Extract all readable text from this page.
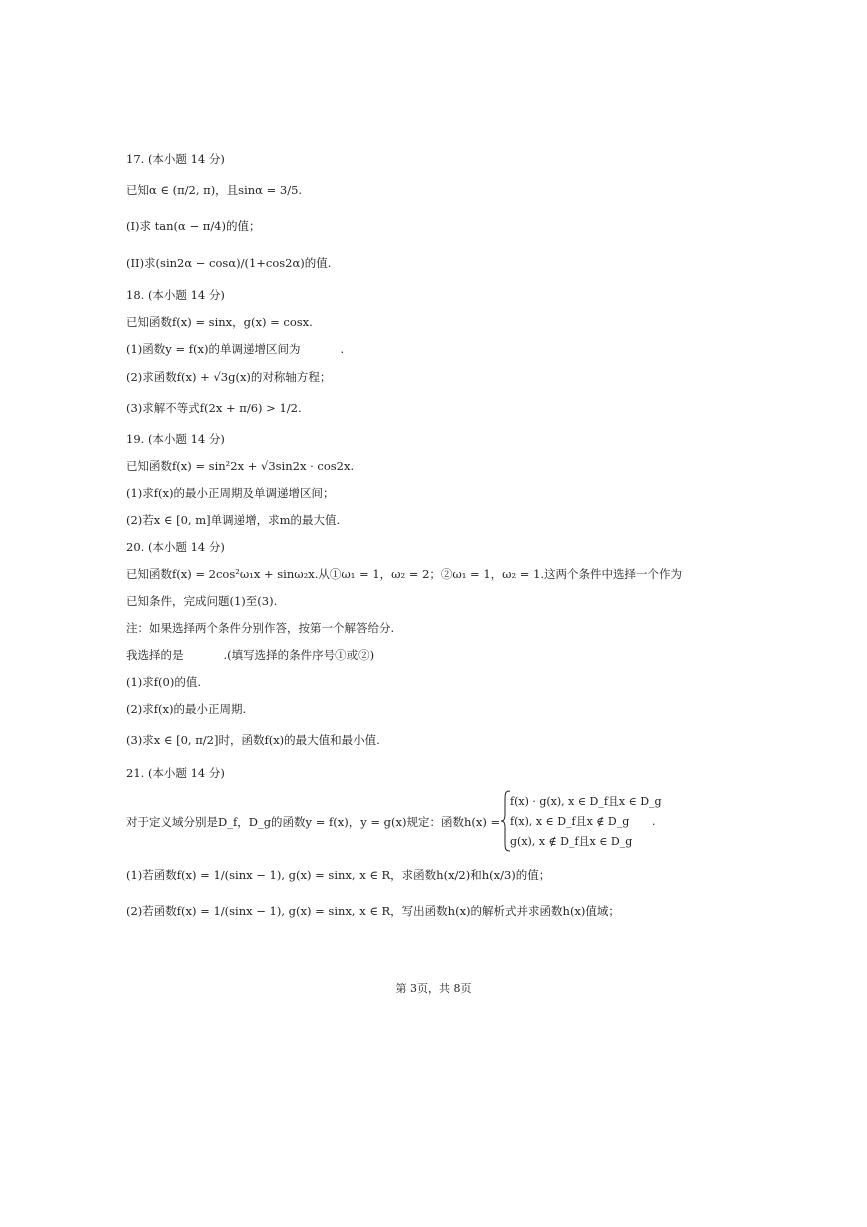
17. (本小题 14 分)
已知α ∈ (π/2, π)，且sinα = 3/5.
(I)求 tan(α − π/4)的值；
(II)求(sin2α − cosα)/(1+cos2α)的值.
18. (本小题 14 分)
已知函数f(x) = sinx，g(x) = cosx.
(1)函数y = f(x)的单调递增区间为	.
(2)求函数f(x) + √3g(x)的对称轴方程；
(3)求解不等式f(2x + π/6) > 1/2.
19. (本小题 14 分)
已知函数f(x) = sin²2x + √3sin2x · cos2x.
(1)求f(x)的最小正周期及单调递增区间；
(2)若x ∈ [0, m]单调递增，求m的最大值.
20. (本小题 14 分)
已知函数f(x) = 2cos²ω₁x + sinω₂x.从①ω₁ = 1，ω₂ = 2；②ω₁ = 1，ω₂ = 1.这两个条件中选择一个作为
已知条件，完成问题(1)至(3).
注：如果选择两个条件分别作答，按第一个解答给分.
我选择的是	.(填写选择的条件序号①或②)
(1)求f(0)的值.
(2)求f(x)的最小正周期.
(3)求x ∈ [0, π/2]时，函数f(x)的最大值和最小值.
21. (本小题 14 分)
对于定义域分别是D_f，D_g的函数y = f(x)，y = g(x)规定：函数h(x) =
f(x) · g(x), x ∈ D_f且x ∈ D_g
f(x), x ∈ D_f且x ∉ D_g
g(x), x ∉ D_f且x ∈ D_g
.
(1)若函数f(x) = 1/(sinx − 1), g(x) = sinx, x ∈ R，求函数h(x/2)和h(x/3)的值；
(2)若函数f(x) = 1/(sinx − 1), g(x) = sinx, x ∈ R，写出函数h(x)的解析式并求函数h(x)值域；
第 3页，共 8页
